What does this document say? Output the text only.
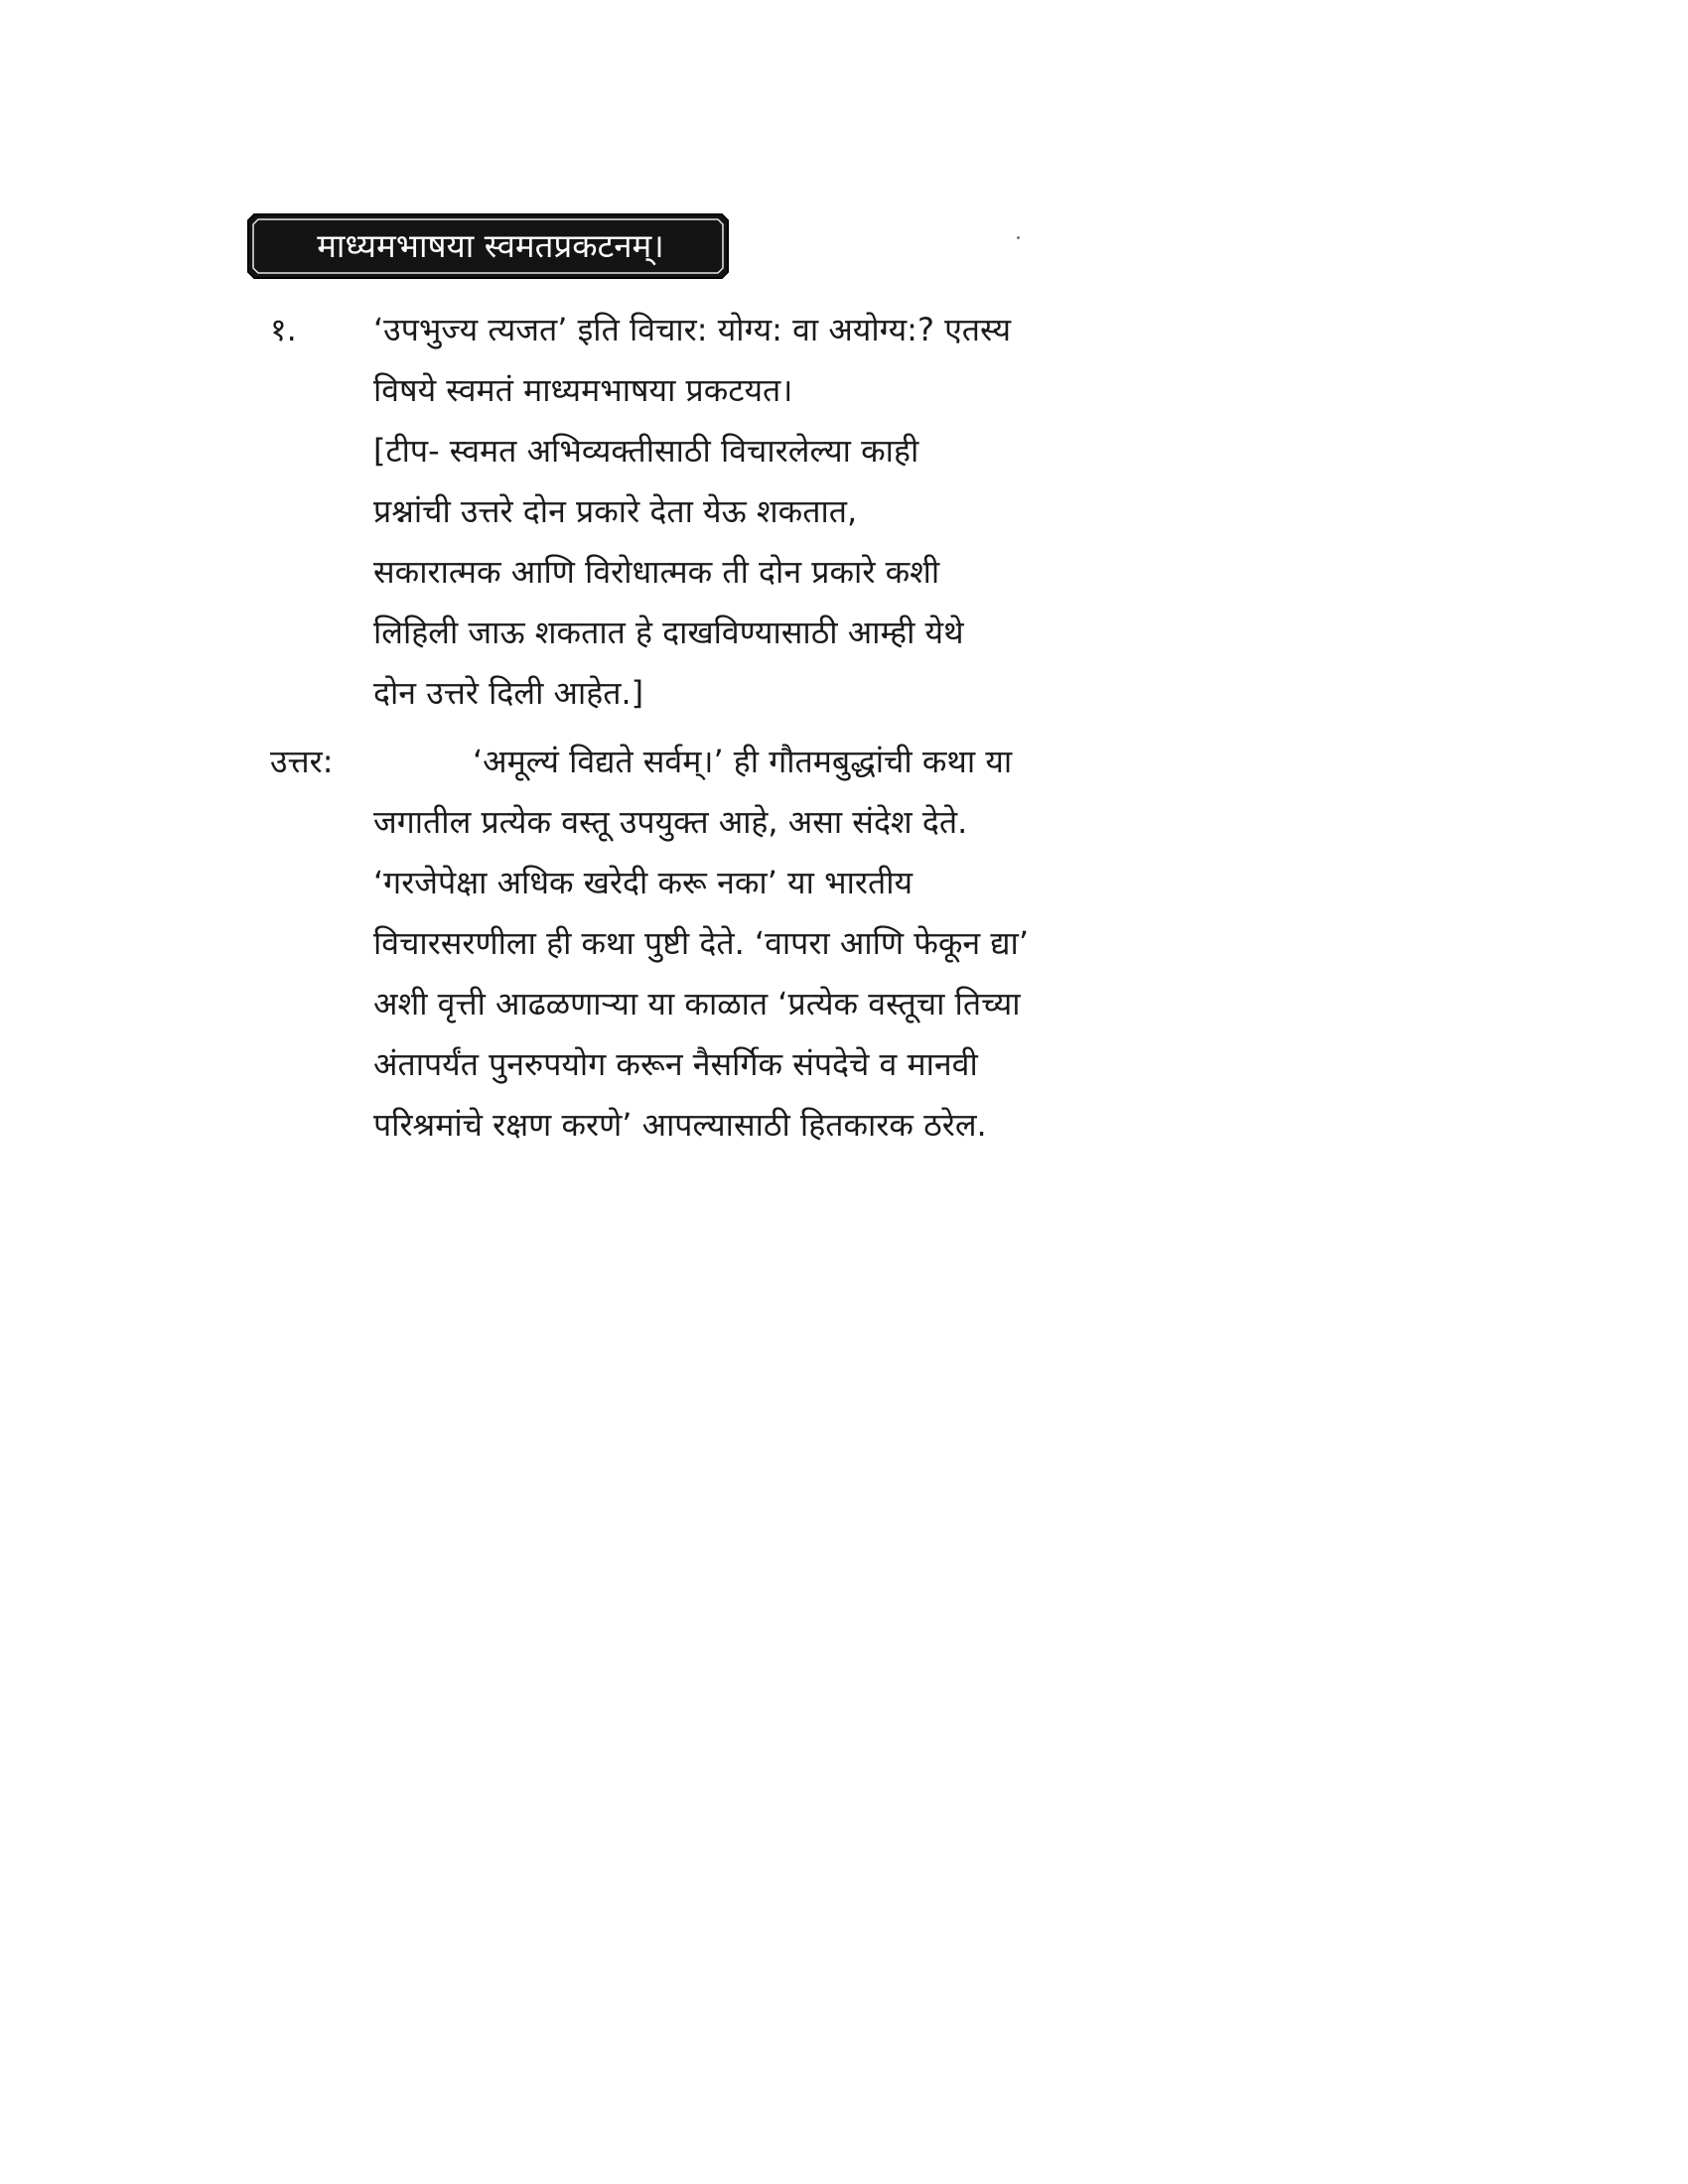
माध्यमभाषया स्वमतप्रकटनम्।
१. ‘उपभुज्य त्यजत’ इति विचार: योग्य: वा अयोग्य:? एतस्य
विषये स्वमतं माध्यमभाषया प्रकटयत।
[टीप- स्वमत अभिव्यक्तीसाठी विचारलेल्या काही
प्रश्नांची उत्तरे दोन प्रकारे देता येऊ शकतात,
सकारात्मक आणि विरोधात्मक ती दोन प्रकारे कशी
लिहिली जाऊ शकतात हे दाखविण्यासाठी आम्ही येथे
दोन उत्तरे दिली आहेत.]
उत्तर:	‘अमूल्यं विद्यते सर्वम्।’ ही गौतमबुद्धांची कथा या
जगातील प्रत्येक वस्तू उपयुक्त आहे, असा संदेश देते.
‘गरजेपेक्षा अधिक खरेदी करू नका’ या भारतीय
विचारसरणीला ही कथा पुष्टी देते. ‘वापरा आणि फेकून द्या’
अशी वृत्ती आढळणाऱ्या या काळात ‘प्रत्येक वस्तूचा तिच्या
अंतापर्यंत पुनरुपयोग करून नैसर्गिक संपदेचे व मानवी
परिश्रमांचे रक्षण करणे’ आपल्यासाठी हितकारक ठरेल.
